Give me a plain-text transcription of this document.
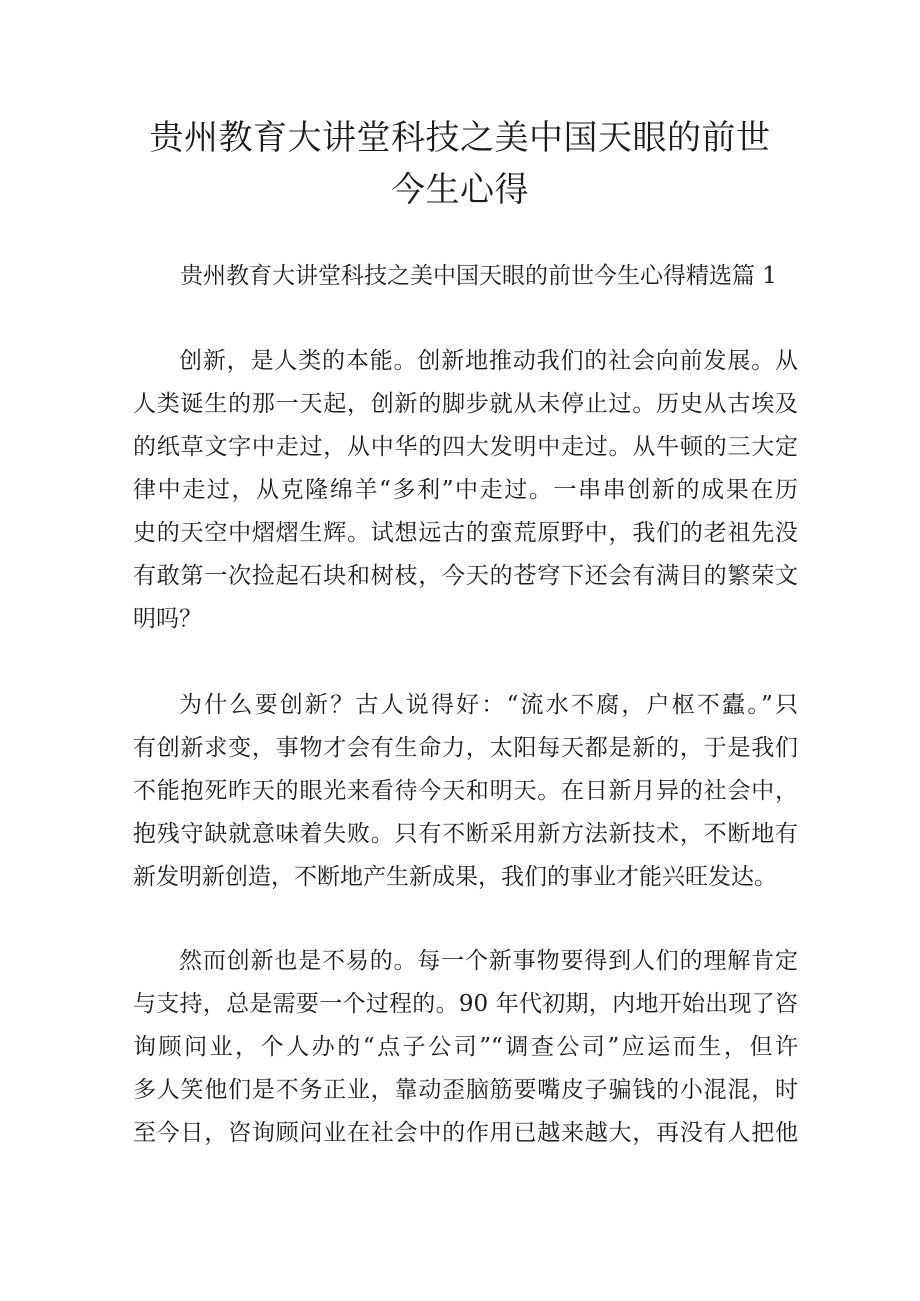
贵州教育大讲堂科技之美中国天眼的前世
今生心得

贵州教育大讲堂科技之美中国天眼的前世今生心得精选篇 1

创新，是人类的本能。创新地推动我们的社会向前发展。从
人类诞生的那一天起，创新的脚步就从未停止过。历史从古埃及
的纸草文字中走过，从中华的四大发明中走过。从牛顿的三大定
律中走过，从克隆绵羊“多利”中走过。一串串创新的成果在历
史的天空中熠熠生辉。试想远古的蛮荒原野中，我们的老祖先没
有敢第一次捡起石块和树枝，今天的苍穹下还会有满目的繁荣文
明吗？

为什么要创新？古人说得好：“流水不腐，户枢不蠹。”只
有创新求变，事物才会有生命力，太阳每天都是新的，于是我们
不能抱死昨天的眼光来看待今天和明天。在日新月异的社会中，
抱残守缺就意味着失败。只有不断采用新方法新技术，不断地有
新发明新创造，不断地产生新成果，我们的事业才能兴旺发达。

然而创新也是不易的。每一个新事物要得到人们的理解肯定
与支持，总是需要一个过程的。90 年代初期，内地开始出现了咨
询顾问业，个人办的“点子公司”“调查公司”应运而生，但许
多人笑他们是不务正业，靠动歪脑筋要嘴皮子骗钱的小混混，时
至今日，咨询顾问业在社会中的作用已越来越大，再没有人把他
